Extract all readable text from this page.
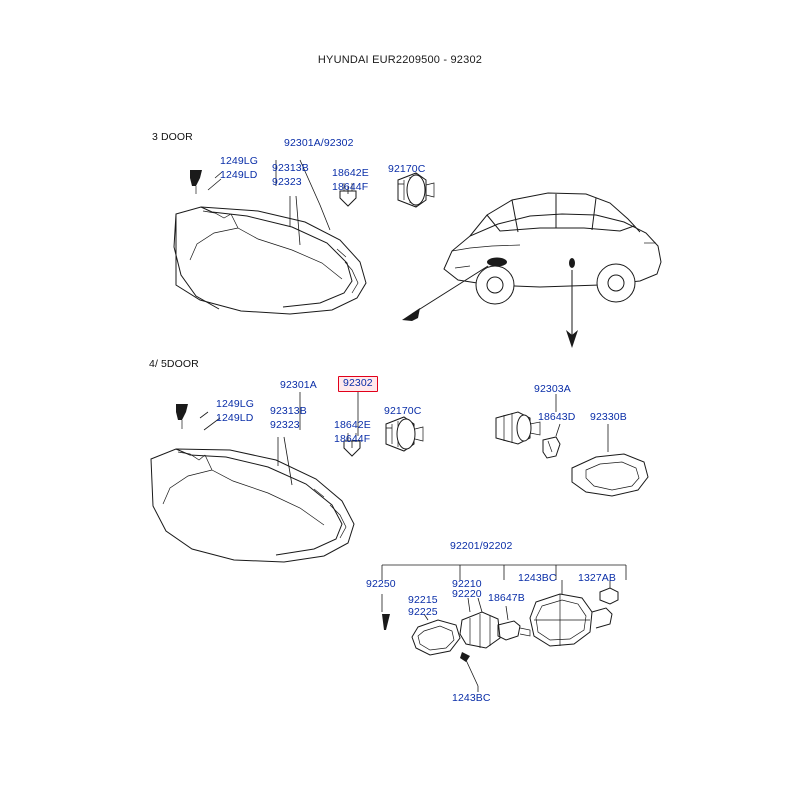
HYUNDAI EUR2209500 - 92302
3 DOOR
4/ 5DOOR
92301A/92302
1249LG
1249LD
92313B
92323
18642E
18644F
92170C
92301A	92302
1249LG
1249LD
92313B
92323	18642E
18644F
92170C
92303A
18643D 92330B
92201/92202
92250	92210
92220
92215
92225
18647B
1243BC 1327AB
1243BC
